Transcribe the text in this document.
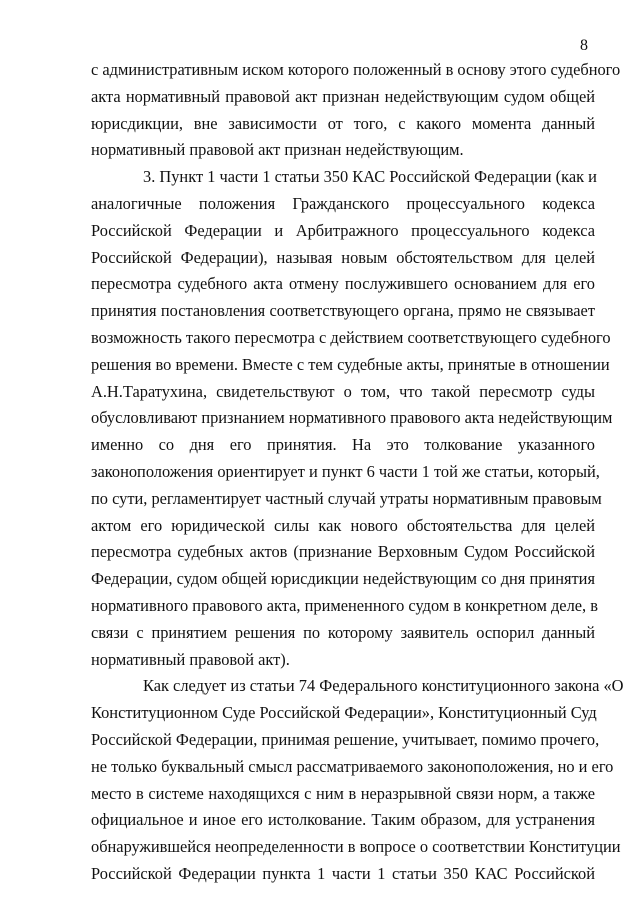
8
с административным иском которого положенный в основу этого судебного
акта нормативный правовой акт признан недействующим судом общей
юрисдикции, вне зависимости от того, с какого момента данный
нормативный правовой акт признан недействующим.
3. Пункт 1 части 1 статьи 350 КАС Российской Федерации (как и
аналогичные положения Гражданского процессуального кодекса
Российской Федерации и Арбитражного процессуального кодекса
Российской Федерации), называя новым обстоятельством для целей
пересмотра судебного акта отмену послужившего основанием для его
принятия постановления соответствующего органа, прямо не связывает
возможность такого пересмотра с действием соответствующего судебного
решения во времени. Вместе с тем судебные акты, принятые в отношении
А.Н.Таратухина, свидетельствуют о том, что такой пересмотр суды
обусловливают признанием нормативного правового акта недействующим
именно со дня его принятия. На это толкование указанного
законоположения ориентирует и пункт 6 части 1 той же статьи, который,
по сути, регламентирует частный случай утраты нормативным правовым
актом его юридической силы как нового обстоятельства для целей
пересмотра судебных актов (признание Верховным Судом Российской
Федерации, судом общей юрисдикции недействующим со дня принятия
нормативного правового акта, примененного судом в конкретном деле, в
связи с принятием решения по которому заявитель оспорил данный
нормативный правовой акт).
Как следует из статьи 74 Федерального конституционного закона «О
Конституционном Суде Российской Федерации», Конституционный Суд
Российской Федерации, принимая решение, учитывает, помимо прочего,
не только буквальный смысл рассматриваемого законоположения, но и его
место в системе находящихся с ним в неразрывной связи норм, а также
официальное и иное его истолкование. Таким образом, для устранения
обнаружившейся неопределенности в вопросе о соответствии Конституции
Российской Федерации пункта 1 части 1 статьи 350 КАС Российской
